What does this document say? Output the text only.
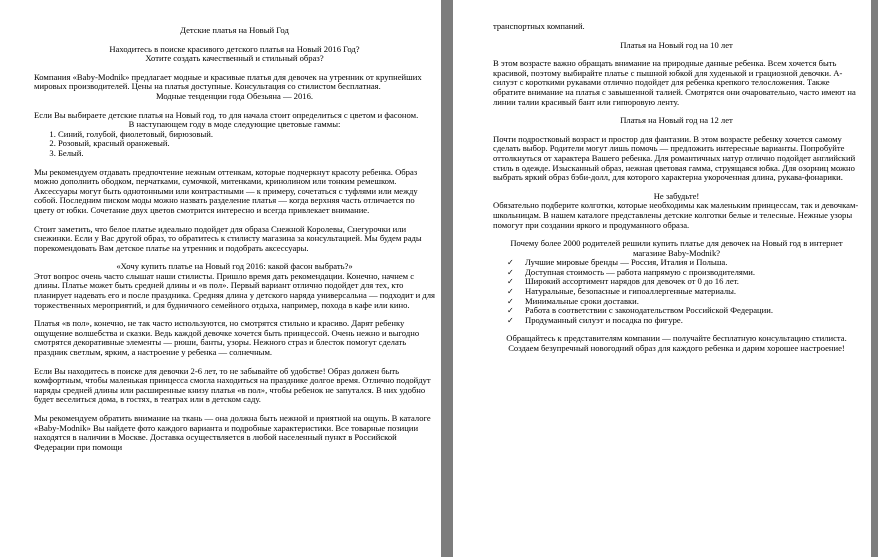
Детские платья на Новый Год
Находитесь в поиске красивого детского платья на Новый 2016 Год?
Хотите создать качественный и стильный образ?

Компания «Baby-Modnik» предлагает модные и красивые платья для девочек на утренник от крупнейших мировых производителей. Цены на платья доступные. Консультация со стилистом бесплатная.

Модные тенденции года Обезьяна — 2016.

Если Вы выбираете детские платья на Новый год, то для начала стоит определиться с цветом и фасоном.

В наступающем году в моде следующие цветовые гаммы:
1. Синий, голубой, фиолетовый, бирюзовый.
2. Розовый, красный оранжевый.
3. Белый.

Мы рекомендуем отдавать предпочтение нежным оттенкам, которые подчеркнут красоту ребенка. Образ можно дополнить ободком, перчатками, сумочкой, митенками, кринолином или тонким ремешком. Аксессуары могут быть однотонными или контрастными — к примеру, сочетаться с туфлями или между собой. Последним писком моды можно назвать разделение платья — когда верхняя часть отличается по цвету от юбки. Сочетание двух цветов смотрится интересно и всегда привлекает внимание.

Стоит заметить, что белое платье идеально подойдет для образа Снежной Королевы, Снегурочки или снежинки. Если у Вас другой образ, то обратитесь к стилисту магазина за консультацией. Мы будем рады порекомендовать Вам детское платье на утренник и подобрать аксессуары.

«Хочу купить платье на Новый год 2016: какой фасон выбрать?»

Этот вопрос очень часто слышат наши стилисты. Пришло время дать рекомендации. Конечно, начнем с длины. Платье может быть средней длины и «в пол». Первый вариант отлично подойдет для тех, кто планирует надевать его и после праздника. Средняя длина у детского наряда универсальна — подходит и для торжественных мероприятий, и для будничного семейного отдыха, например, похода в кафе или кино.

Платья «в пол», конечно, не так часто используются, но смотрятся стильно и красиво. Дарят ребенку ощущение волшебства и сказки. Ведь каждой девочке хочется быть принцессой. Очень нежно и выгодно смотрятся декоративные элементы — рюши, банты, узоры. Нежного страз и блесток помогут сделать праздник светлым, ярким, а настроение у ребенка — солнечным.

Если Вы находитесь в поиске для девочки 2-6 лет, то не забывайте об удобстве! Образ должен быть комфортным, чтобы маленькая принцесса смогла находиться на празднике долгое время. Отлично подойдут наряды средней длины или расширенные книзу платья «в пол», чтобы ребенок не запутался. В них удобно будет веселиться дома, в гостях, в театрах или в детском саду.

Мы рекомендуем обратить внимание на ткань — она должна быть нежной и приятной на ощупь. В каталоге «Baby-Modnik» Вы найдете фото каждого варианта и подробные характеристики. Все товарные позиции находятся в наличии в Москве. Доставка осуществляется в любой населенный пункт в Российской Федерации при помощи

транспортных компаний.

Платья на Новый год на 10 лет

В этом возрасте важно обращать внимание на природные данные ребенка. Всем хочется быть красивой, поэтому выбирайте платье с пышной юбкой для худенькой и грациозной девочки. А-силуэт с короткими рукавами отлично подойдет для ребенка крепкого телосложения. Также обратите внимание на платья с завышенной талией. Смотрятся они очаровательно, часто имеют на линии талии красивый бант или гипюровую ленту.

Платья на Новый год на 12 лет

Почти подростковый возраст и простор для фантазии. В этом возрасте ребенку хочется самому сделать выбор. Родители могут лишь помочь — предложить интересные варианты. Попробуйте оттолкнуться от характера Вашего ребенка. Для романтичных натур отлично подойдет английский стиль в одежде. Изысканный образ, нежная цветовая гамма, струящаяся юбка. Для озорниц можно выбрать яркий образ бэби-долл, для которого характерна укороченная длина, рукава-фонарики.

Не забудьте!

Обязательно подберите колготки, которые необходимы как маленьким принцессам, так и девочкам-школьницам. В нашем каталоге представлены детские колготки белые и телесные. Нежные узоры помогут при создании яркого и продуманного образа.

Почему более 2000 родителей решили купить платье для девочек на Новый год в интернет магазине Baby-Modnik?
✓ Лучшие мировые бренды — Россия, Италия и Польша.
✓ Доступная стоимость — работа напрямую с производителями.
✓ Широкий ассортимент нарядов для девочек от 0 до 16 лет.
✓ Натуральные, безопасные и гипоаллергенные материалы.
✓ Минимальные сроки доставки.
✓ Работа в соответствии с законодательством Российской Федерации.
✓ Продуманный силуэт и посадка по фигуре.
Обращайтесь к представителям компании — получайте бесплатную консультацию стилиста.
Создаем безупречный новогодний образ для каждого ребенка и дарим хорошее настроение!
